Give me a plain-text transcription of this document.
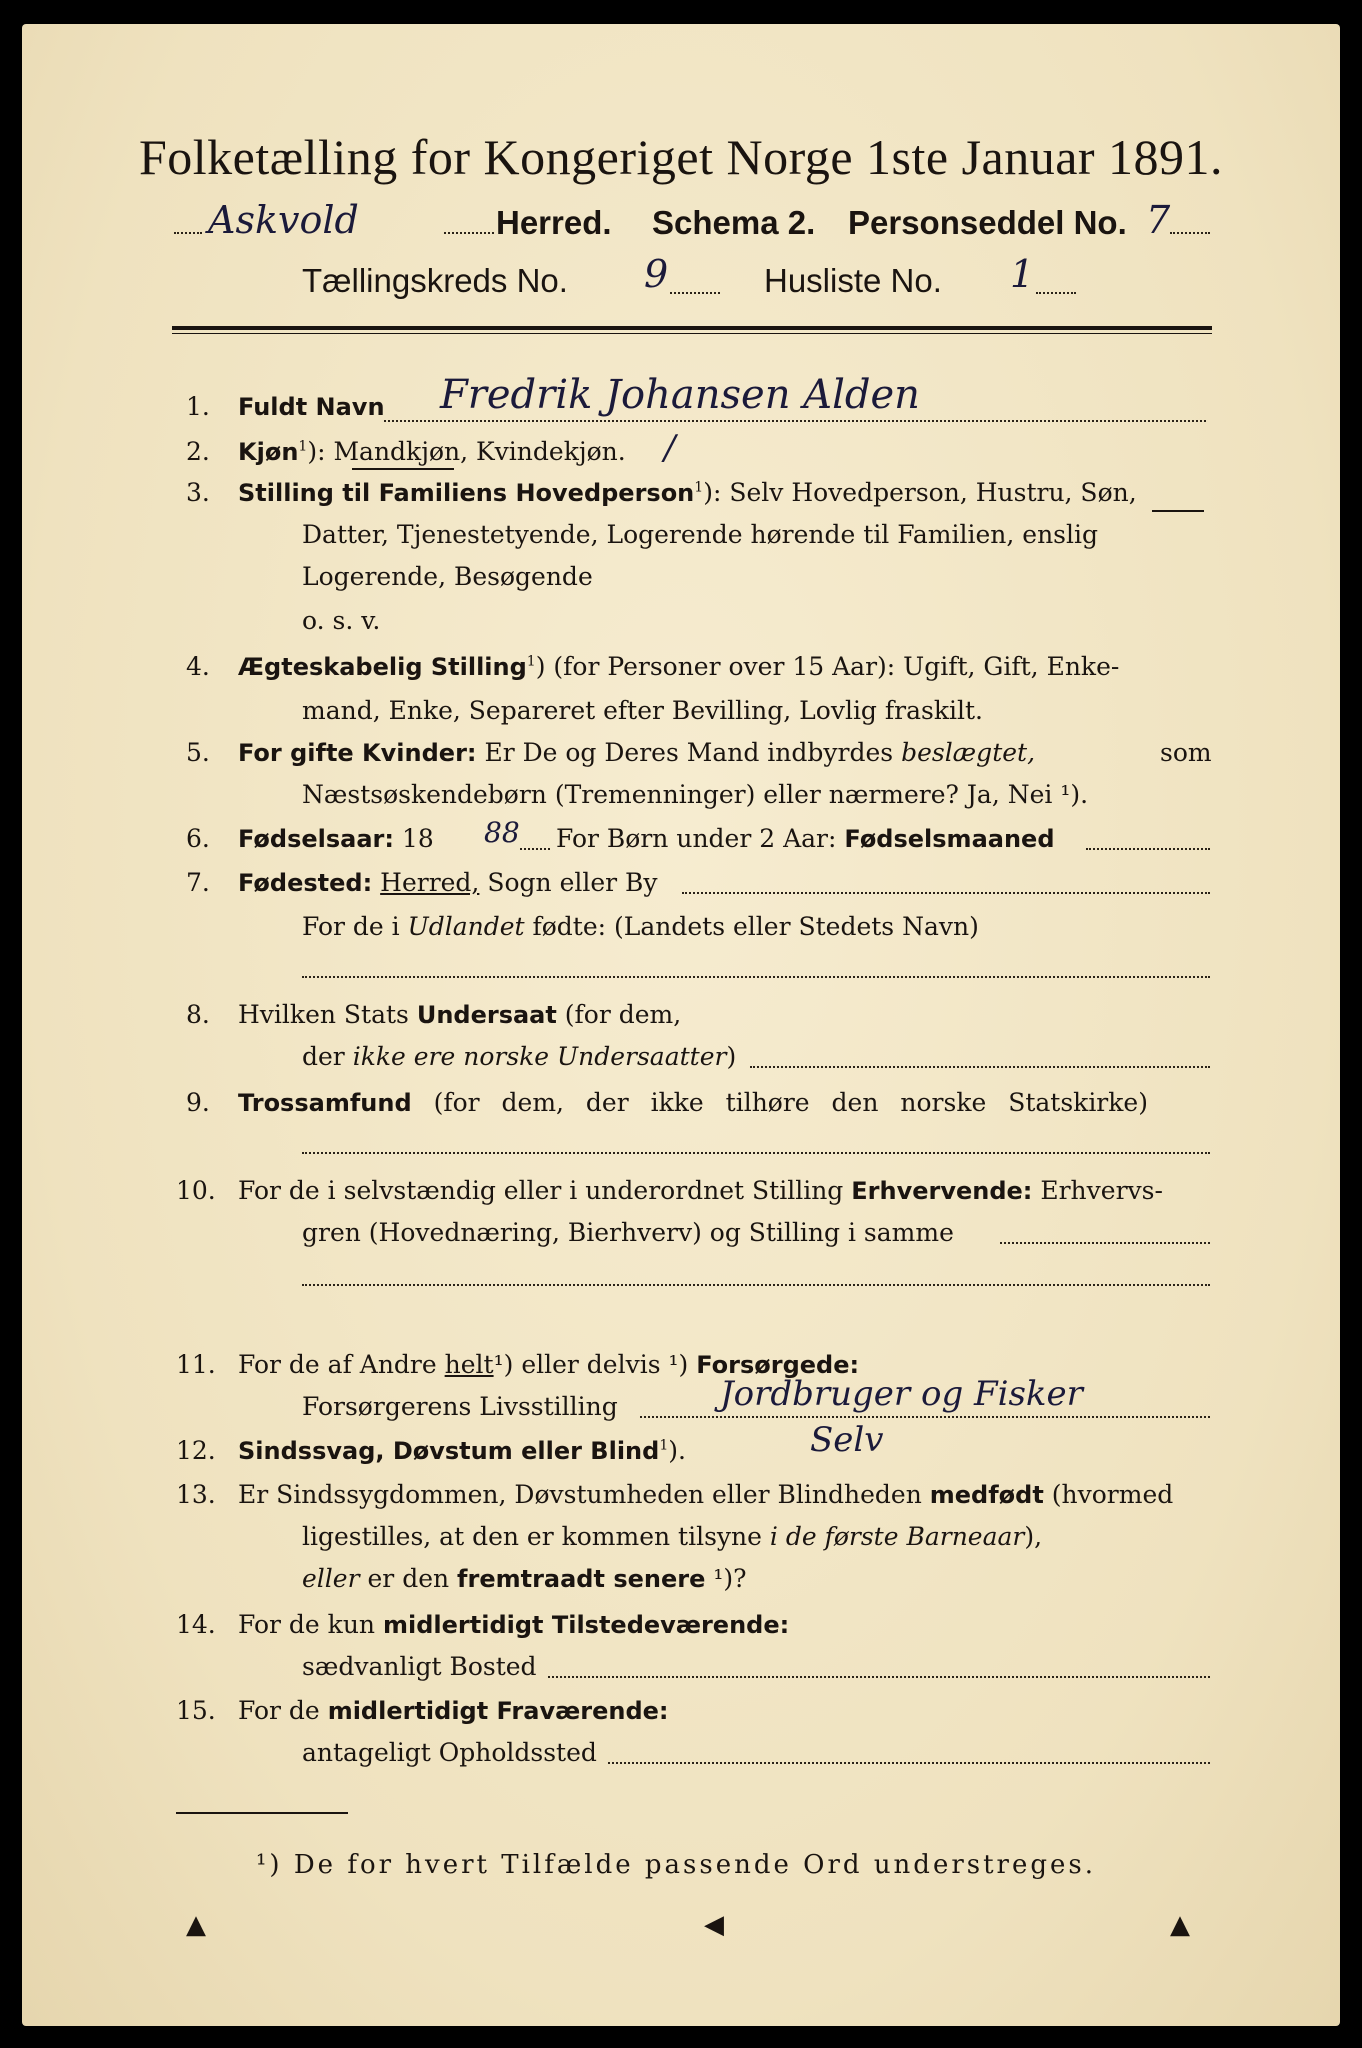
Folketælling for Kongeriget Norge 1ste Januar 1891.
Askvold	Herred. Schema 2. Personseddel No. 7
Tællingskreds No. 9	Husliste No. 1
1. Fuldt Navn Fredrik Johansen Alden
2. Kjøn$^1$): Mandkjøn, Kvindekjøn. /
3. Stilling til Familiens Hovedperson$^1$): Selv Hovedperson, Hustru, Søn,
Datter, Tjenestetyende, Logerende hørende til Familien, enslig
Logerende, Besøgende
o. s. v.
4. Ægteskabelig Stilling$^1$) (for Personer over 15 Aar): Ugift, Gift, Enke-
mand, Enke, Separeret efter Bevilling, Lovlig fraskilt.
5. For gifte Kvinder: Er De og Deres Mand indbyrdes beslægtet,	som
Næstsøskendebørn (Tremenninger) eller nærmere? Ja, Nei ¹).
6. Fødselsaar: 18 88 For Børn under 2 Aar: Fødselsmaaned
7. Fødested: Herred, Sogn eller By
For de i Udlandet fødte: (Landets eller Stedets Navn)
8. Hvilken Stats Undersaat (for dem,
der ikke ere norske Undersaatter)
9. Trossamfund (for dem, der ikke tilhøre den norske Statskirke)
10. For de i selvstændig eller i underordnet Stilling Erhvervende: Erhvervs-
gren (Hovednæring, Bierhverv) og Stilling i samme
11. For de af Andre helt¹) eller delvis ¹) Forsørgede:
Forsørgerens Livsstilling	Jordbruger og Fisker
12. Sindssvag, Døvstum eller Blind$^1$).	Selv
13. Er Sindssygdommen, Døvstumheden eller Blindheden medfødt (hvormed
ligestilles, at den er kommen tilsyne i de første Barneaar),
eller er den fremtraadt senere ¹)?
14. For de kun midlertidigt Tilstedeværende:
sædvanligt Bosted
15. For de midlertidigt Fraværende:
antageligt Opholdssted
¹) De for hvert Tilfælde passende Ord understreges.
▲	◀	▲
